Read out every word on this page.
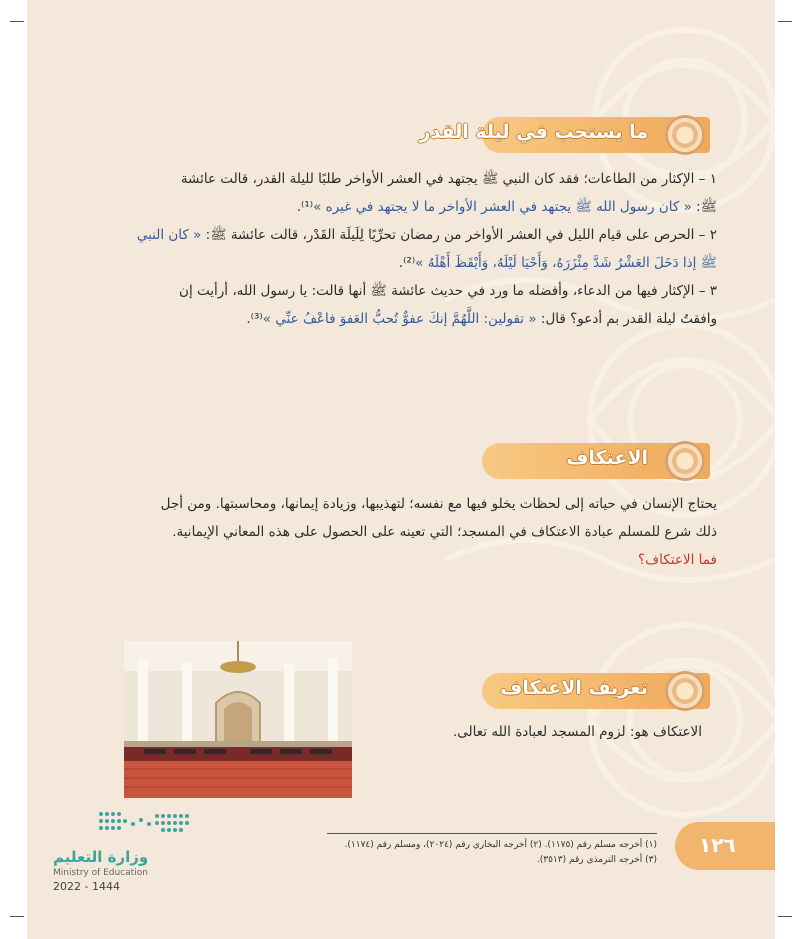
ما يستحب في ليلة القدر
١ – الإكثار من الطاعات؛ فقد كان النبي ﷺ يجتهد في العشر الأواخر طلبًا لليلة القدر، قالت عائشة
ﷺ: « كان رسول الله ﷺ يجتهد في العشر الأواخر ما لا يجتهد في غيره »⁽¹⁾.
٢ – الحرص على قيام الليل في العشر الأواخر من رمضان تحرِّيًا لِلَيلَة القَدْر، قالت عائشة ﷺ: « كان النبي
ﷺ إذا دَخَلَ العَشْرُ شَدَّ مِئْزَرَهُ، وَأَحْيَا لَيْلَهُ، وَأَيْقَظَ أَهْلَهُ »⁽²⁾.
٣ – الإكثار فيها من الدعاء، وأفضله ما ورد في حديث عائشة ﷺ أنها قالت: يا رسول الله، أرأيت إن
وافقتُ ليلة القدر بم أدعو؟ قال: « تقولين: اللَّهُمَّ إنكَ عفوٌّ تُحبُّ العَفوَ فاعْفُ عنِّي »⁽³⁾.
الاعتكاف
يحتاج الإنسان في حياته إلى لحظات يخلو فيها مع نفسه؛ لتهذيبها، وزيادة إيمانها، ومحاسبتها. ومن أجل
ذلك شرع للمسلم عبادة الاعتكاف في المسجد؛ التي تعينه على الحصول على هذه المعاني الإيمانية.
فما الاعتكاف؟
تعريف الاعتكاف
الاعتكاف هو: لزوم المسجد لعبادة الله تعالى.
(١) أخرجه مسلم رقم (١١٧٥). (٢) أخرجه البخاري رقم (٢٠٢٤)، ومسلم رقم (١١٧٤).
(٣) أخرجه الترمذي رقم (٣٥١٣).
١٢٦
وزارة التعليم
Ministry of Education
2022 - 1444
